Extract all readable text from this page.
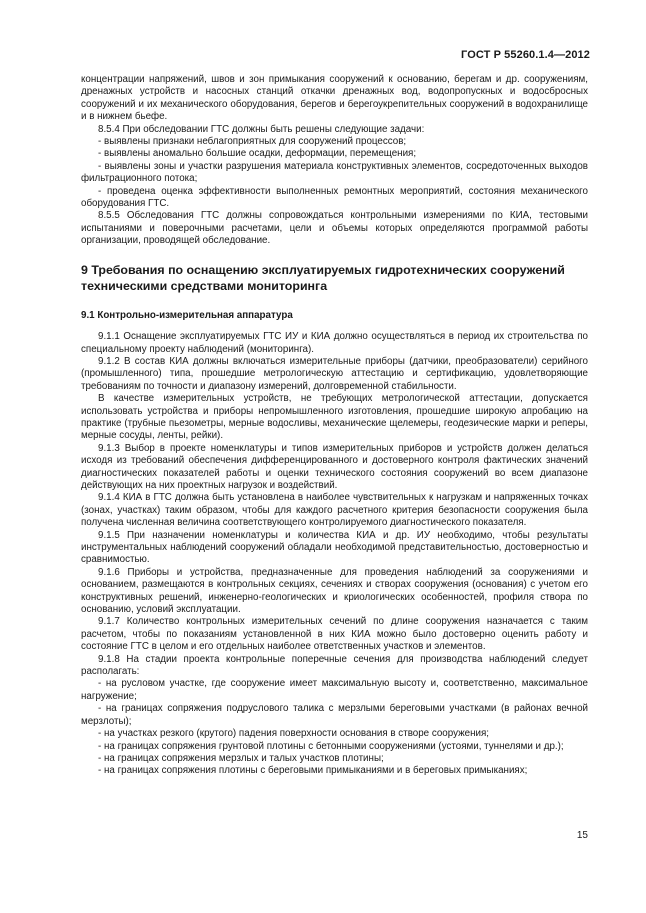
ГОСТ Р 55260.1.4—2012

концентрации напряжений, швов и зон примыкания сооружений к основанию, берегам и др. сооружениям, дренажных устройств и насосных станций откачки дренажных вод, водопропускных и водосбросных сооружений и их механического оборудования, берегов и берегоукрепительных сооружений в водохранилище и в нижнем бьефе.

8.5.4 При обследовании ГТС должны быть решены следующие задачи:

- выявлены признаки неблагоприятных для сооружений процессов;

- выявлены аномально большие осадки, деформации, перемещения;

- выявлены зоны и участки разрушения материала конструктивных элементов, сосредоточенных выходов фильтрационного потока;

- проведена оценка эффективности выполненных ремонтных мероприятий, состояния механического оборудования ГТС.

8.5.5 Обследования ГТС должны сопровождаться контрольными измерениями по КИА, тестовыми испытаниями и поверочными расчетами, цели и объемы которых определяются программой работы организации, проводящей обследование.

9 Требования по оснащению эксплуатируемых гидротехнических сооружений техническими средствами мониторинга
9.1 Контрольно-измерительная аппаратура

9.1.1 Оснащение эксплуатируемых ГТС ИУ и КИА должно осуществляться в период их строительства по специальному проекту наблюдений (мониторинга).

9.1.2 В состав КИА должны включаться измерительные приборы (датчики, преобразователи) серийного (промышленного) типа, прошедшие метрологическую аттестацию и сертификацию, удовлетворяющие требованиям по точности и диапазону измерений, долговременной стабильности.

В качестве измерительных устройств, не требующих метрологической аттестации, допускается использовать устройства и приборы непромышленного изготовления, прошедшие широкую апробацию на практике (трубные пьезометры, мерные водосливы, механические щелемеры, геодезические марки и реперы, мерные сосуды, ленты, рейки).

9.1.3 Выбор в проекте номенклатуры и типов измерительных приборов и устройств должен делаться исходя из требований обеспечения дифференцированного и достоверного контроля фактических значений диагностических показателей работы и оценки технического состояния сооружений во всем диапазоне действующих на них проектных нагрузок и воздействий.

9.1.4 КИА в ГТС должна быть установлена в наиболее чувствительных к нагрузкам и напряженных точках (зонах, участках) таким образом, чтобы для каждого расчетного критерия безопасности сооружения была получена численная величина соответствующего контролируемого диагностического показателя.

9.1.5 При назначении номенклатуры и количества КИА и др. ИУ необходимо, чтобы результаты инструментальных наблюдений сооружений обладали необходимой представительностью, достоверностью и сравнимостью.

9.1.6 Приборы и устройства, предназначенные для проведения наблюдений за сооружениями и основанием, размещаются в контрольных секциях, сечениях и створах сооружения (основания) с учетом его конструктивных решений, инженерно-геологических и криологических особенностей, профиля створа по основанию, условий эксплуатации.

9.1.7 Количество контрольных измерительных сечений по длине сооружения назначается с таким расчетом, чтобы по показаниям установленной в них КИА можно было достоверно оценить работу и состояние ГТС в целом и его отдельных наиболее ответственных участков и элементов.

9.1.8 На стадии проекта контрольные поперечные сечения для производства наблюдений следует располагать:

- на русловом участке, где сооружение имеет максимальную высоту и, соответственно, максимальное нагружение;

- на границах сопряжения подруслового талика с мерзлыми береговыми участками (в районах вечной мерзлоты);

- на участках резкого (крутого) падения поверхности основания в створе сооружения;

- на границах сопряжения грунтовой плотины с бетонными сооружениями (устоями, туннелями и др.);

- на границах сопряжения мерзлых и талых участков плотины;

- на границах сопряжения плотины с береговыми примыканиями и в береговых примыканиях;

15
